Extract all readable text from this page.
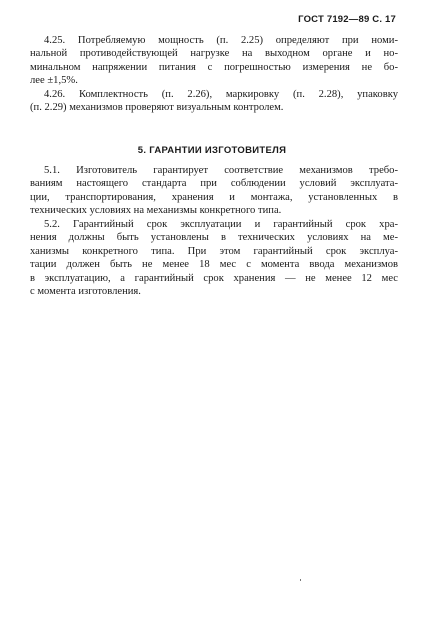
ГОСТ 7192—89 С. 17
4.25. Потребляемую мощность (п. 2.25) определяют при номи-
нальной противодействующей нагрузке на выходном органе и но-
минальном напряжении питания с погрешностью измерения не бо-
лее ±1,5%.
4.26. Комплектность (п. 2.26), маркировку (п. 2.28), упаковку
(п. 2.29) механизмов проверяют визуальным контролем.
5. ГАРАНТИИ ИЗГОТОВИТЕЛЯ
5.1. Изготовитель гарантирует соответствие механизмов требо-
ваниям настоящего стандарта при соблюдении условий эксплуата-
ции, транспортирования, хранения и монтажа, установленных в
технических условиях на механизмы конкретного типа.
5.2. Гарантийный срок эксплуатации и гарантийный срок хра-
нения должны быть установлены в технических условиях на ме-
ханизмы конкретного типа. При этом гарантийный срок эксплуа-
тации должен быть не менее 18 мес с момента ввода механизмов
в эксплуатацию, а гарантийный срок хранения — не менее 12 мес
с момента изготовления.
